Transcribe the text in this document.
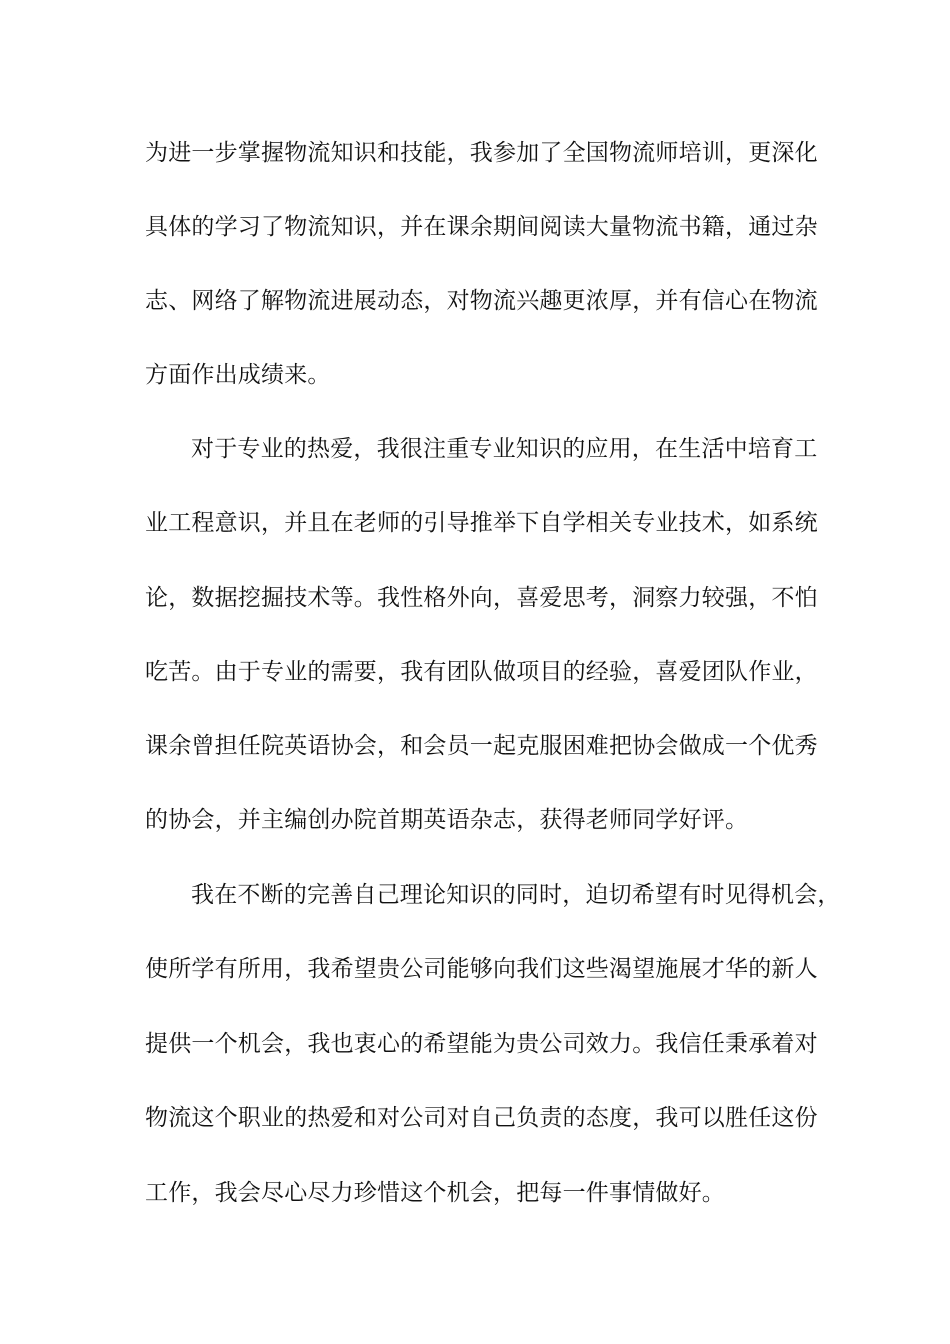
为进一步掌握物流知识和技能，我参加了全国物流师培训，更深化
具体的学习了物流知识，并在课余期间阅读大量物流书籍，通过杂
志、网络了解物流进展动态，对物流兴趣更浓厚，并有信心在物流
方面作出成绩来。
对于专业的热爱，我很注重专业知识的应用，在生活中培育工
业工程意识，并且在老师的引导推举下自学相关专业技术，如系统
论，数据挖掘技术等。我性格外向，喜爱思考，洞察力较强，不怕
吃苦。由于专业的需要，我有团队做项目的经验，喜爱团队作业，
课余曾担任院英语协会，和会员一起克服困难把协会做成一个优秀
的协会，并主编创办院首期英语杂志，获得老师同学好评。
我在不断的完善自己理论知识的同时，迫切希望有时见得机会，
使所学有所用，我希望贵公司能够向我们这些渴望施展才华的新人
提供一个机会，我也衷心的希望能为贵公司效力。我信任秉承着对
物流这个职业的热爱和对公司对自己负责的态度，我可以胜任这份
工作，我会尽心尽力珍惜这个机会，把每一件事情做好。
